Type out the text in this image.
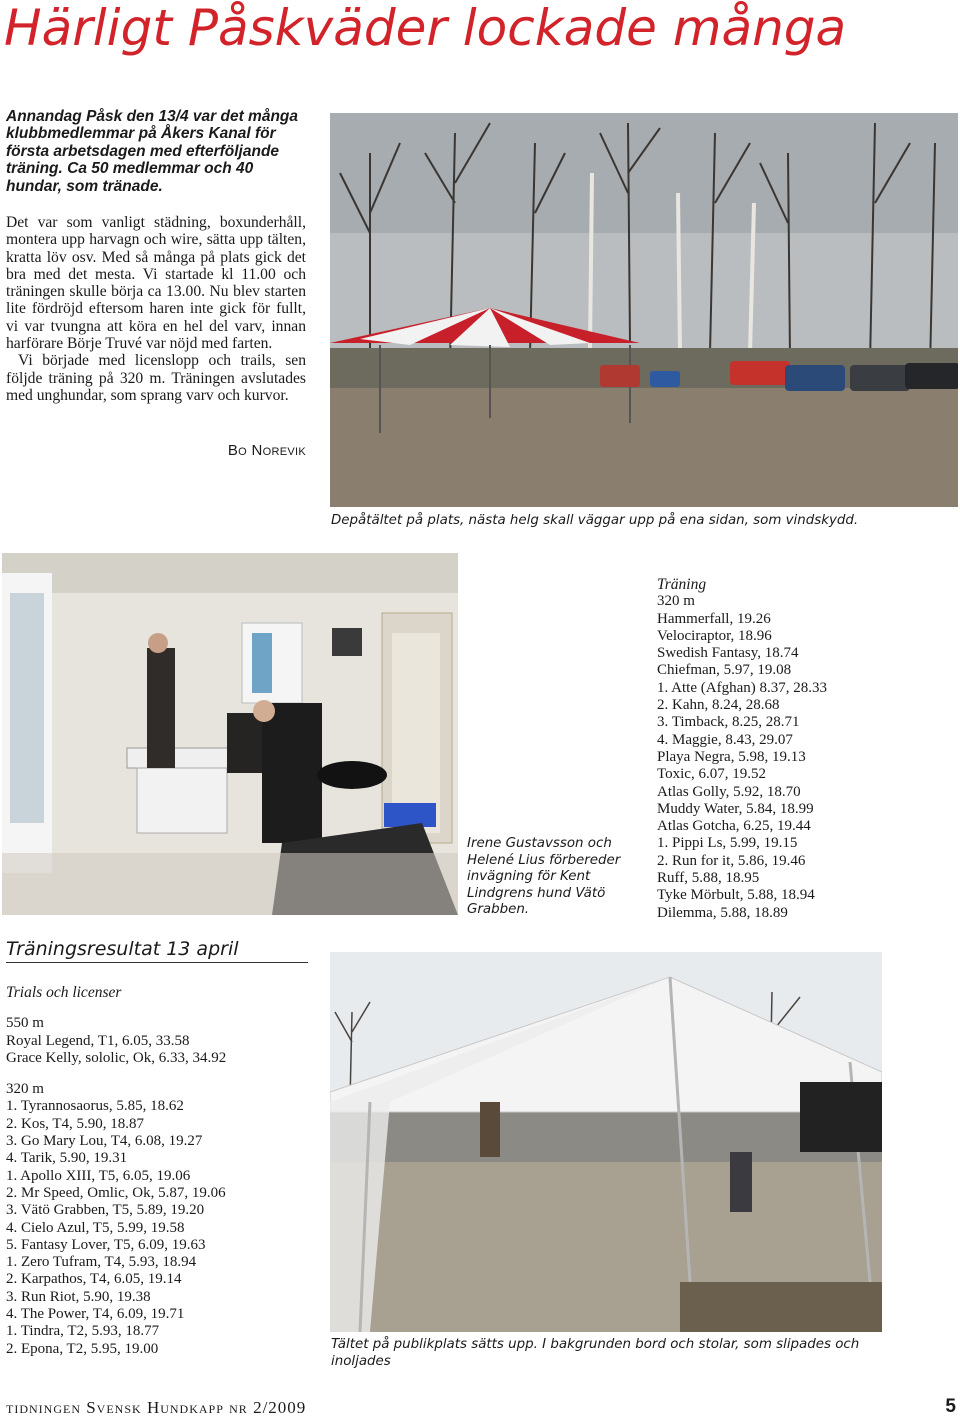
Härligt Påskväder lockade många
Annandag Påsk den 13/4 var det många klubbmedlemmar på Åkers Kanal för första arbetsdagen med efterföljande träning. Ca 50 medlemmar och 40 hundar, som tränade.

Det var som vanligt städning, boxunderhåll, montera upp harvagn och wire, sätta upp tälten, kratta löv osv. Med så många på plats gick det bra med det mesta. Vi startade kl 11.00 och träningen skulle börja ca 13.00. Nu blev starten lite fördröjd eftersom haren inte gick för fullt, vi var tvungna att köra en hel del varv, innan harförare Börje Truvé var nöjd med farten.

Vi började med licenslopp och trails, sen följde träning på 320 m. Träningen avslutades med unghundar, som sprang varv och kurvor.

Bo Norevik
Depåtältet på plats, nästa helg skall väggar upp på ena sidan, som vindskydd.
Irene Gustavsson och Helené Lius förbereder invägning för Kent Lindgrens hund Vätö Grabben.
Träning
320 m
Hammerfall, 19.26
Velociraptor, 18.96
Swedish Fantasy, 18.74
Chiefman, 5.97, 19.08
1. Atte (Afghan) 8.37, 28.33
2. Kahn, 8.24, 28.68
3. Timback, 8.25, 28.71
4. Maggie, 8.43, 29.07
Playa Negra, 5.98, 19.13
Toxic, 6.07, 19.52
Atlas Golly, 5.92, 18.70
Muddy Water, 5.84, 18.99
Atlas Gotcha, 6.25, 19.44
1. Pippi Ls, 5.99, 19.15
2. Run for it, 5.86, 19.46
Ruff, 5.88, 18.95
Tyke Mörbult, 5.88, 18.94
Dilemma, 5.88, 18.89
Träningsresultat 13 april
Trials och licenser
550 m
Royal Legend, T1, 6.05, 33.58
Grace Kelly, sololic, Ok, 6.33, 34.92
320 m
1. Tyrannosaorus, 5.85, 18.62
2. Kos, T4, 5.90, 18.87
3. Go Mary Lou, T4, 6.08, 19.27
4. Tarik, 5.90, 19.31
1. Apollo XIII, T5, 6.05, 19.06
2. Mr Speed, Omlic, Ok, 5.87, 19.06
3. Vätö Grabben, T5, 5.89, 19.20
4. Cielo Azul, T5, 5.99, 19.58
5. Fantasy Lover, T5, 6.09, 19.63
1. Zero Tufram, T4, 5.93, 18.94
2. Karpathos, T4, 6.05, 19.14
3. Run Riot, 5.90, 19.38
4. The Power, T4, 6.09, 19.71
1. Tindra, T2, 5.93, 18.77
2. Epona, T2, 5.95, 19.00	Tältet på publikplats sätts upp. I bakgrunden bord och stolar, som slipades och inoljades
tidningen Svensk Hundkapp nr 2/2009	5
